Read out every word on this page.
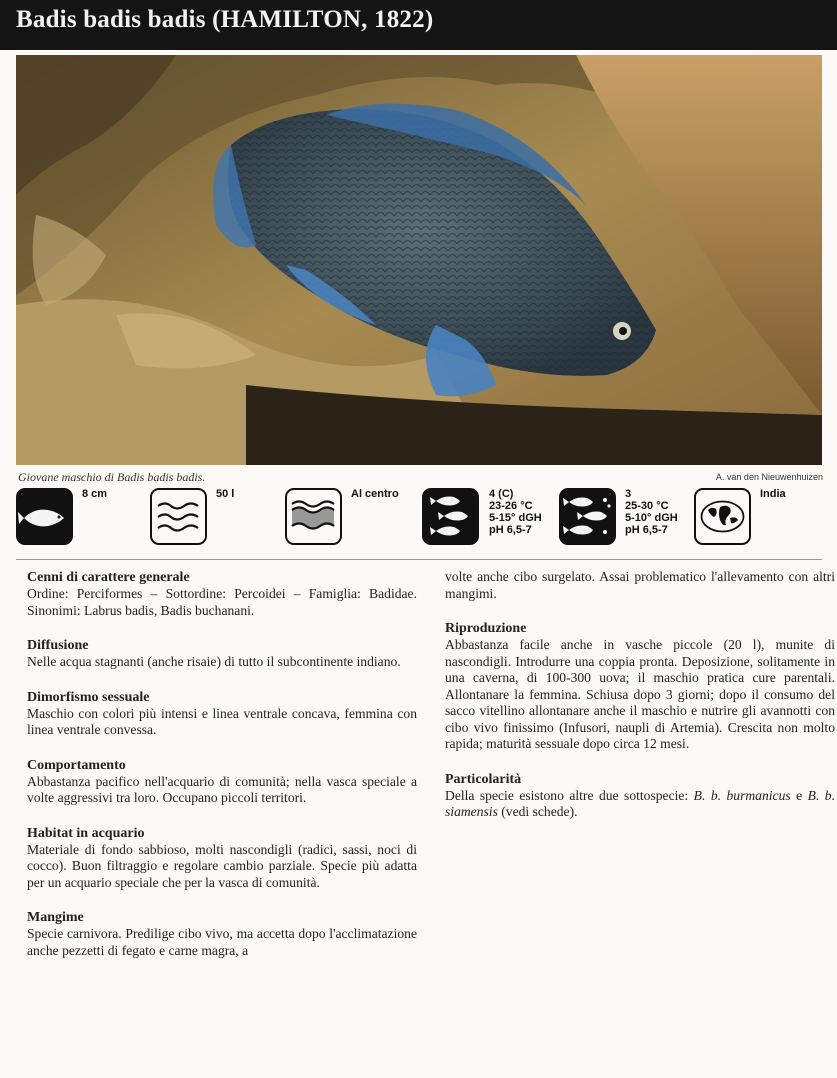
Badis badis badis (HAMILTON, 1822)
Giovane maschio di Badis badis badis.	A. van den Nieuwenhuizen
8 cm	50 l	Al centro	4 (C)
23-26 °C
5-15° dGH
pH 6,5-7
3
25-30 °C
5-10° dGH
pH 6,5-7
India
Cenni di carattere generale

Ordine: Perciformes – Sottordine: Percoidei – Famiglia: Badidae. Sinonimi: Labrus badis, Badis buchanani.

Diffusione

Nelle acqua stagnanti (anche risaie) di tutto il subcontinente indiano.

Dimorfismo sessuale

Maschio con colori più intensi e linea ventrale concava, femmina con linea ventrale convessa.

Comportamento

Abbastanza pacifico nell'acquario di comunità; nella vasca speciale a volte aggressivi tra loro. Occupano piccoli territori.

Habitat in acquario

Materiale di fondo sabbioso, molti nascondigli (radici, sassi, noci di cocco). Buon filtraggio e regolare cambio parziale. Specie più adatta per un acquario speciale che per la vasca di comunità.

Mangime

Specie carnivora. Predilige cibo vivo, ma accetta dopo l'acclimatazione anche pezzetti di fegato e carne magra, a

volte anche cibo surgelato. Assai problematico l'allevamento con altri mangimi.

Riproduzione

Abbastanza facile anche in vasche piccole (20 l), munite di nascondigli. Introdurre una coppia pronta. Deposizione, solitamente in una caverna, di 100-300 uova; il maschio pratica cure parentali. Allontanare la femmina. Schiusa dopo 3 giorni; dopo il consumo del sacco vitellino allontanare anche il maschio e nutrire gli avannotti con cibo vivo finissimo (Infusori, naupli di Artemia). Crescita non molto rapida; maturità sessuale dopo circa 12 mesi.

Particolarità

Della specie esistono altre due sottospecie: B. b. burmanicus e B. b. siamensis (vedi schede).
